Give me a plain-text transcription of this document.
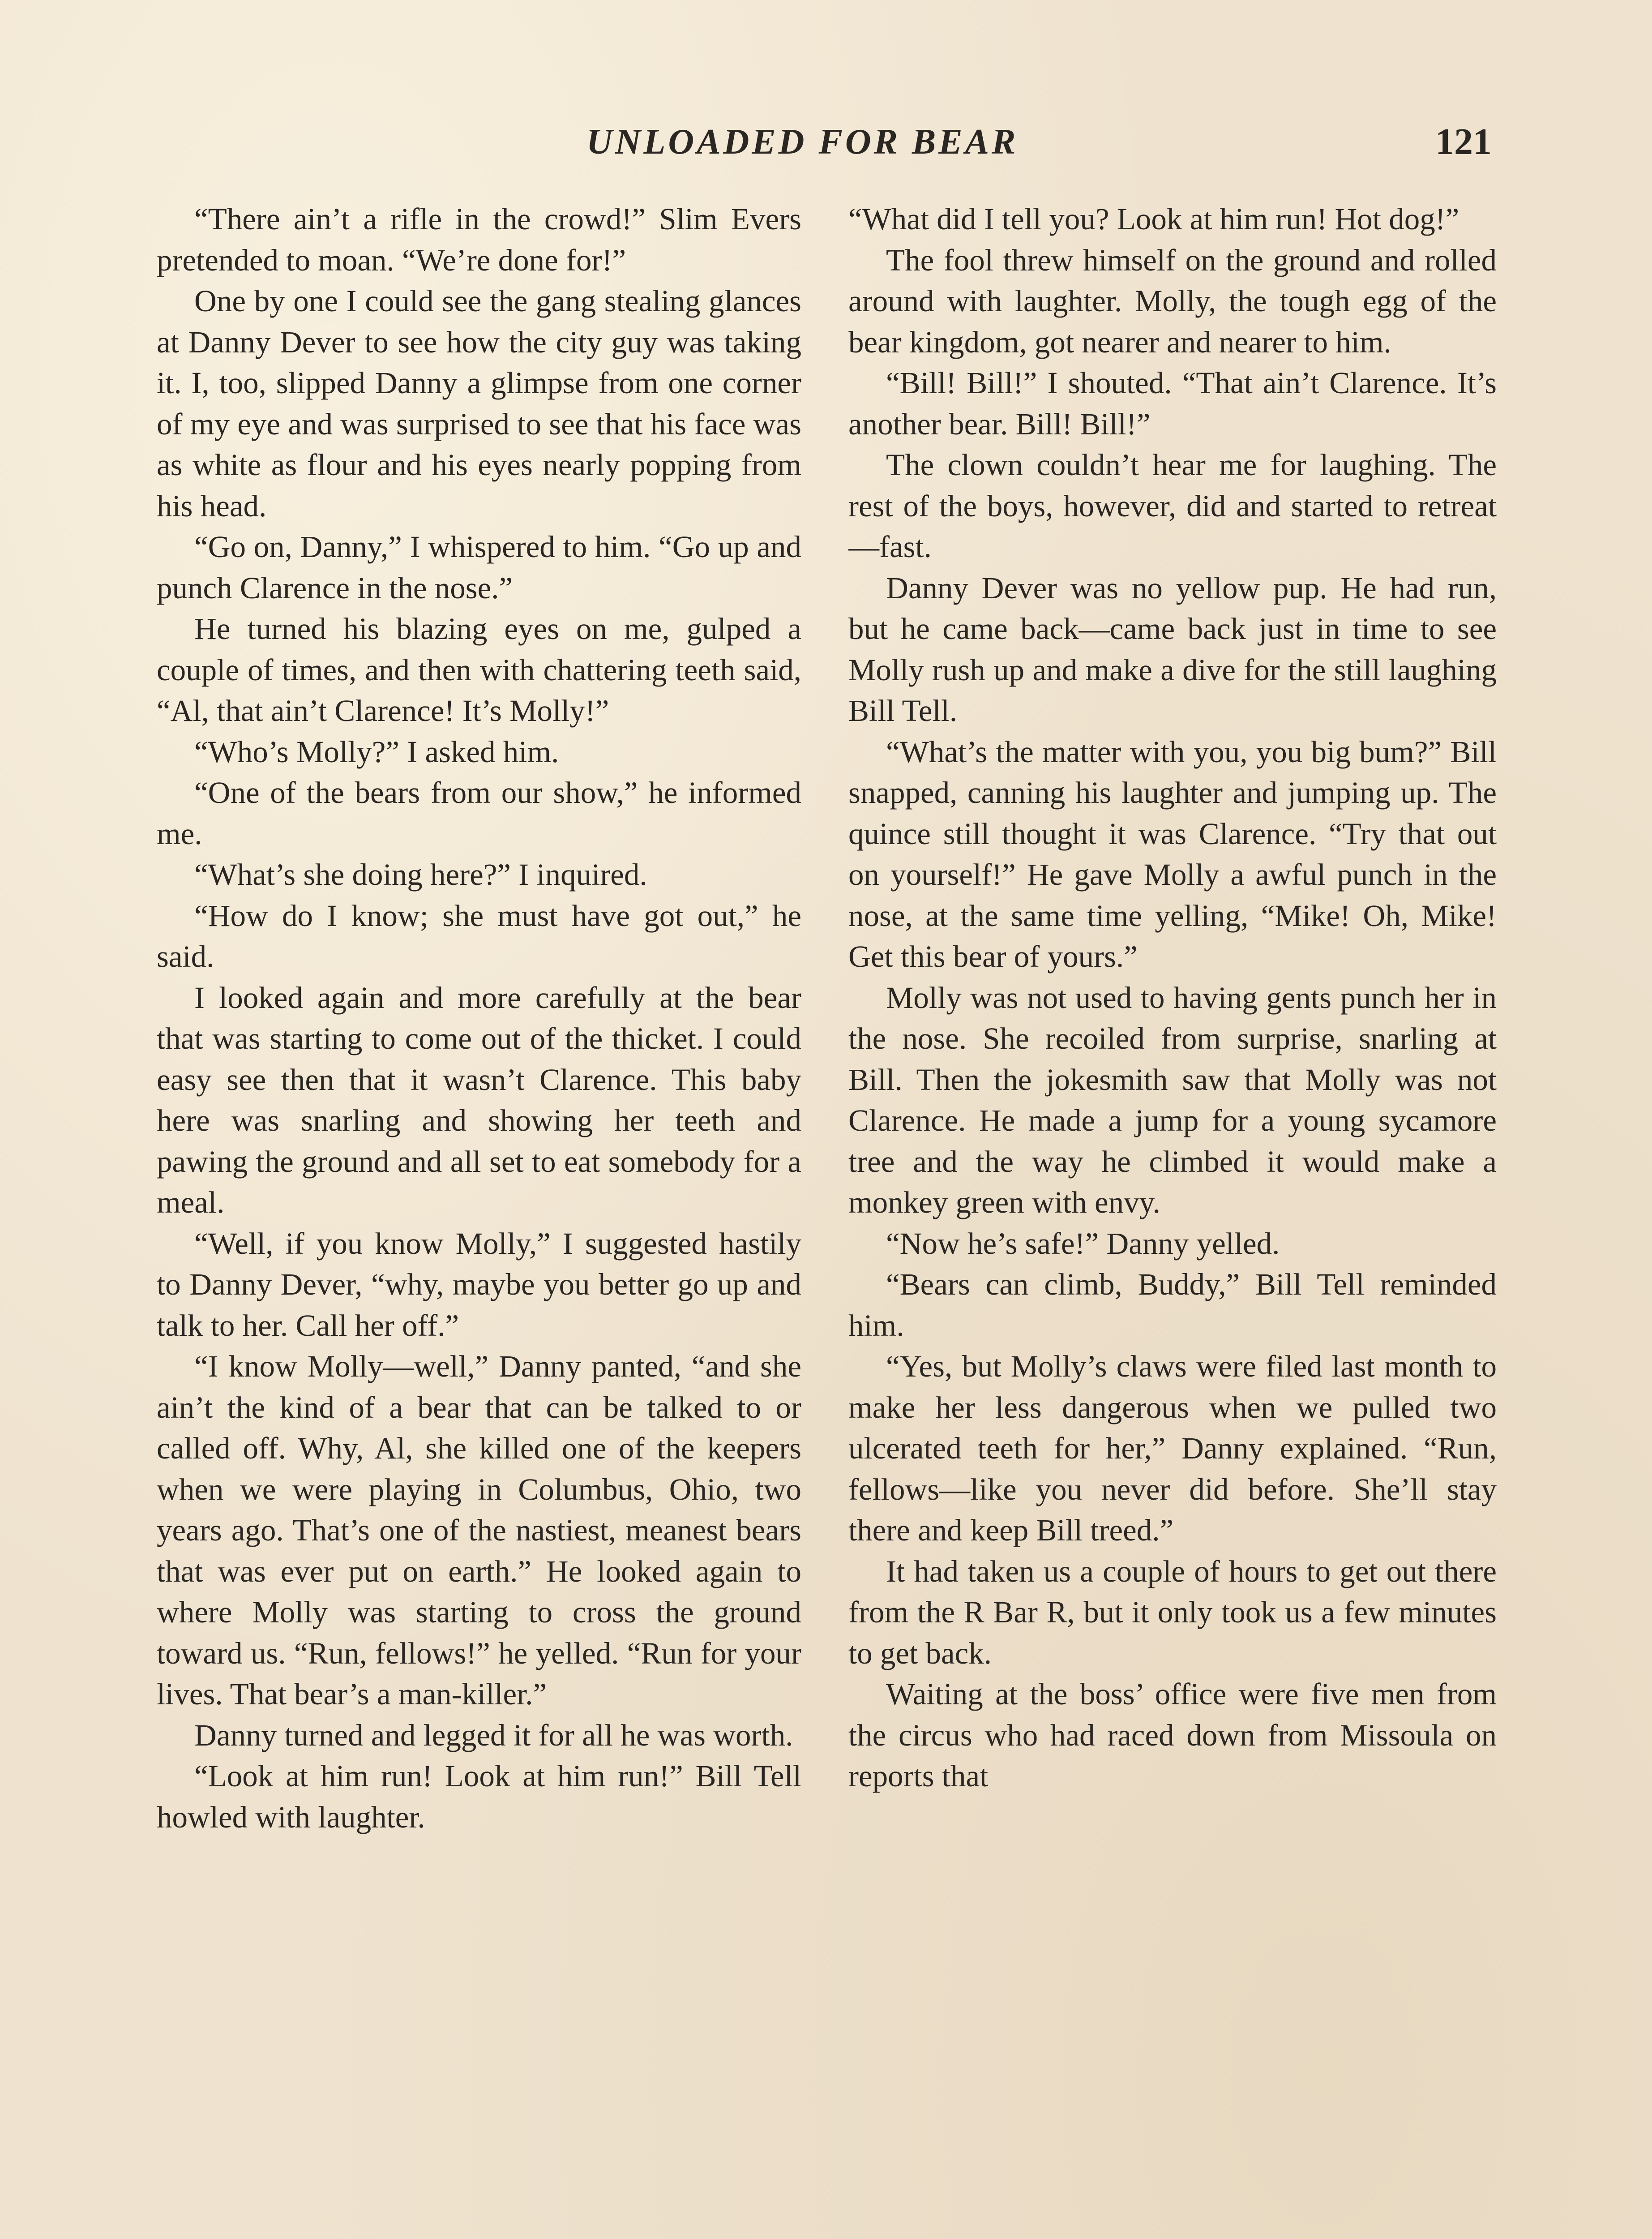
UNLOADED FOR BEAR	121

“There ain’t a rifle in the crowd!” Slim Evers pretended to moan. “We’re done for!”

One by one I could see the gang stealing glances at Danny Dever to see how the city guy was taking it. I, too, slipped Danny a glimpse from one corner of my eye and was surprised to see that his face was as white as flour and his eyes nearly popping from his head.

“Go on, Danny,” I whispered to him. “Go up and punch Clarence in the nose.”

He turned his blazing eyes on me, gulped a couple of times, and then with chattering teeth said, “Al, that ain’t Clarence! It’s Molly!”

“Who’s Molly?” I asked him.

“One of the bears from our show,” he informed me.

“What’s she doing here?” I inquired.

“How do I know; she must have got out,” he said.

I looked again and more carefully at the bear that was starting to come out of the thicket. I could easy see then that it wasn’t Clarence. This baby here was snarling and showing her teeth and pawing the ground and all set to eat somebody for a meal.

“Well, if you know Molly,” I suggested hastily to Danny Dever, “why, maybe you better go up and talk to her. Call her off.”

“I know Molly—well,” Danny panted, “and she ain’t the kind of a bear that can be talked to or called off. Why, Al, she killed one of the keepers when we were playing in Columbus, Ohio, two years ago. That’s one of the nastiest, meanest bears that was ever put on earth.” He looked again to where Molly was starting to cross the ground toward us. “Run, fellows!” he yelled. “Run for your lives. That bear’s a man-killer.”

Danny turned and legged it for all he was worth.

“Look at him run! Look at him run!” Bill Tell howled with laughter.

“What did I tell you? Look at him run! Hot dog!”

The fool threw himself on the ground and rolled around with laughter. Molly, the tough egg of the bear kingdom, got nearer and nearer to him.

“Bill! Bill!” I shouted. “That ain’t Clarence. It’s another bear. Bill! Bill!”

The clown couldn’t hear me for laughing. The rest of the boys, however, did and started to retreat—fast.

Danny Dever was no yellow pup. He had run, but he came back—came back just in time to see Molly rush up and make a dive for the still laughing Bill Tell.

“What’s the matter with you, you big bum?” Bill snapped, canning his laughter and jumping up. The quince still thought it was Clarence. “Try that out on yourself!” He gave Molly a awful punch in the nose, at the same time yelling, “Mike! Oh, Mike! Get this bear of yours.”

Molly was not used to having gents punch her in the nose. She recoiled from surprise, snarling at Bill. Then the jokesmith saw that Molly was not Clarence. He made a jump for a young sycamore tree and the way he climbed it would make a monkey green with envy.

“Now he’s safe!” Danny yelled.

“Bears can climb, Buddy,” Bill Tell reminded him.

“Yes, but Molly’s claws were filed last month to make her less dangerous when we pulled two ulcerated teeth for her,” Danny explained. “Run, fellows—like you never did before. She’ll stay there and keep Bill treed.”

It had taken us a couple of hours to get out there from the R Bar R, but it only took us a few minutes to get back.

Waiting at the boss’ office were five men from the circus who had raced down from Missoula on reports that
